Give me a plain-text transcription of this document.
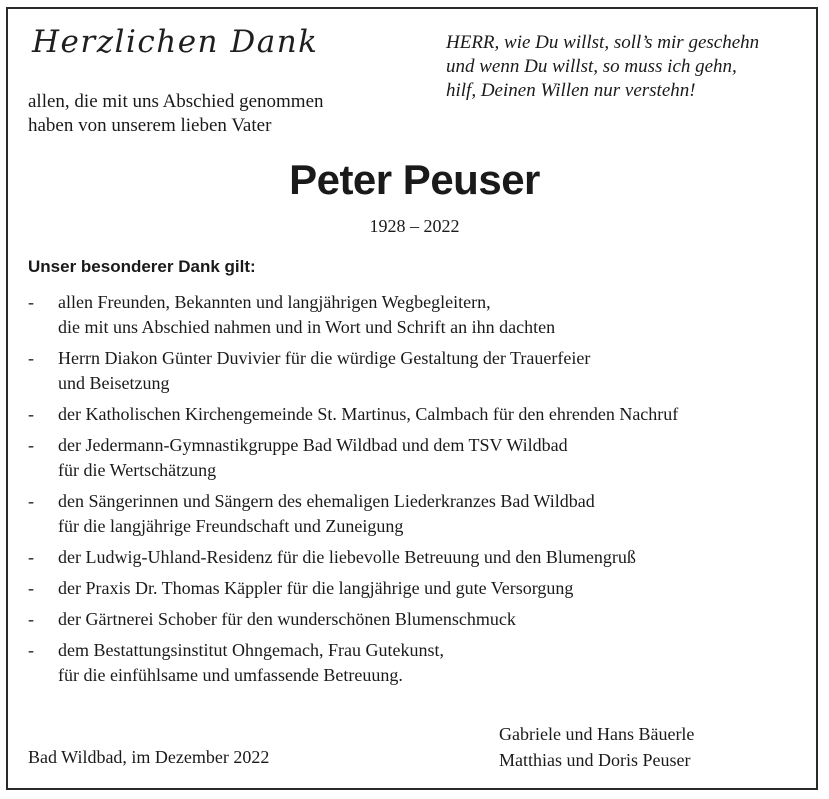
Herzlichen Dank
allen, die mit uns Abschied genommen
haben von unserem lieben Vater
HERR, wie Du willst, soll’s mir geschehn
und wenn Du willst, so muss ich gehn,
hilf, Deinen Willen nur verstehn!
Peter Peuser
1928 – 2022
Unser besonderer Dank gilt:
- allen Freunden, Bekannten und langjährigen Wegbegleitern,
die mit uns Abschied nahmen und in Wort und Schrift an ihn dachten
- Herrn Diakon Günter Duvivier für die würdige Gestaltung der Trauerfeier
und Beisetzung
- der Katholischen Kirchengemeinde St. Martinus, Calmbach für den ehrenden Nachruf
- der Jedermann-Gymnastikgruppe Bad Wildbad und dem TSV Wildbad
für die Wertschätzung
- den Sängerinnen und Sängern des ehemaligen Liederkranzes Bad Wildbad
für die langjährige Freundschaft und Zuneigung
- der Ludwig-Uhland-Residenz für die liebevolle Betreuung und den Blumengruß
- der Praxis Dr. Thomas Käppler für die langjährige und gute Versorgung
- der Gärtnerei Schober für den wunderschönen Blumenschmuck
- dem Bestattungsinstitut Ohngemach, Frau Gutekunst,
für die einfühlsame und umfassende Betreuung.
Bad Wildbad, im Dezember 2022
Gabriele und Hans Bäuerle
Matthias und Doris Peuser
